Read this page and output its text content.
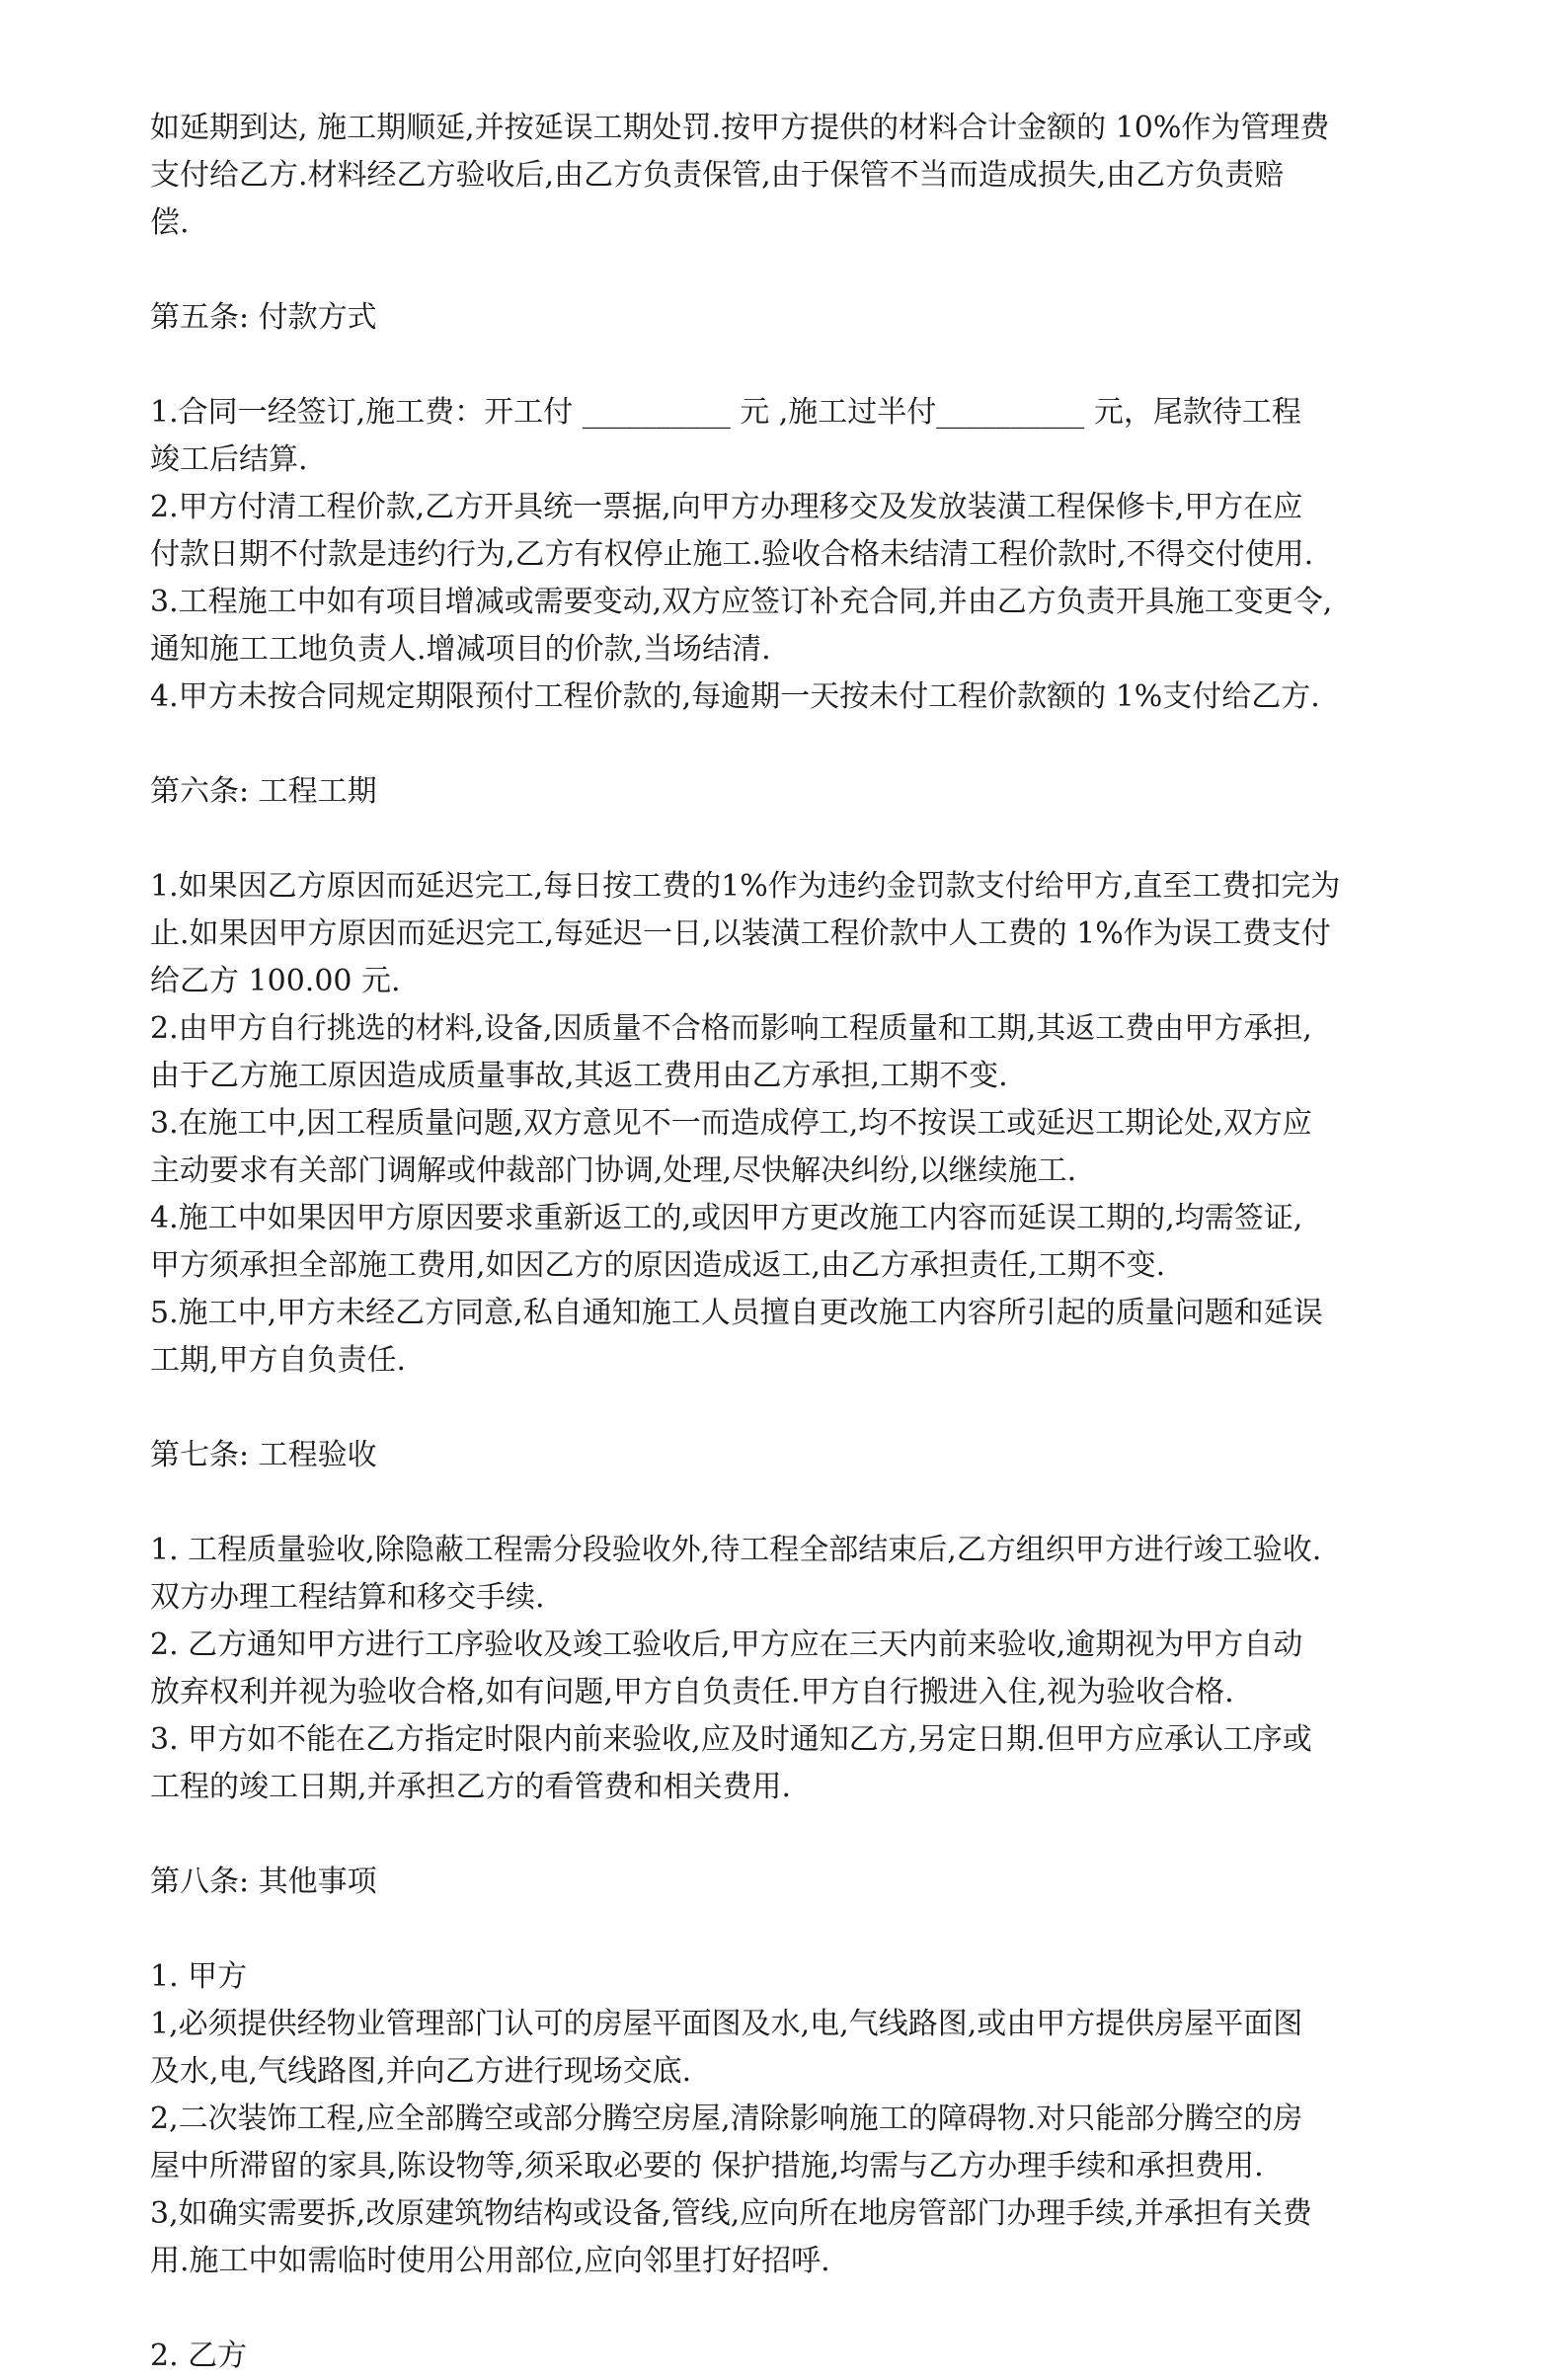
如延期到达, 施工期顺延,并按延误工期处罚.按甲方提供的材料合计金额的 10%作为管理费

支付给乙方.材料经乙方验收后,由乙方负责保管,由于保管不当而造成损失,由乙方负责赔

偿.

第五条: 付款方式

1.合同一经签订,施工费：开工付 __________ 元 ,施工过半付__________ 元，尾款待工程

竣工后结算.

2.甲方付清工程价款,乙方开具统一票据,向甲方办理移交及发放装潢工程保修卡,甲方在应

付款日期不付款是违约行为,乙方有权停止施工.验收合格未结清工程价款时,不得交付使用.

3.工程施工中如有项目增减或需要变动,双方应签订补充合同,并由乙方负责开具施工变更令,

通知施工工地负责人.增减项目的价款,当场结清.

4.甲方未按合同规定期限预付工程价款的,每逾期一天按未付工程价款额的 1%支付给乙方.

第六条: 工程工期

1.如果因乙方原因而延迟完工,每日按工费的1%作为违约金罚款支付给甲方,直至工费扣完为

止.如果因甲方原因而延迟完工,每延迟一日,以装潢工程价款中人工费的 1%作为误工费支付

给乙方 100.00 元.

2.由甲方自行挑选的材料,设备,因质量不合格而影响工程质量和工期,其返工费由甲方承担,

由于乙方施工原因造成质量事故,其返工费用由乙方承担,工期不变.

3.在施工中,因工程质量问题,双方意见不一而造成停工,均不按误工或延迟工期论处,双方应

主动要求有关部门调解或仲裁部门协调,处理,尽快解决纠纷,以继续施工.

4.施工中如果因甲方原因要求重新返工的,或因甲方更改施工内容而延误工期的,均需签证,

甲方须承担全部施工费用,如因乙方的原因造成返工,由乙方承担责任,工期不变.

5.施工中,甲方未经乙方同意,私自通知施工人员擅自更改施工内容所引起的质量问题和延误

工期,甲方自负责任.

第七条: 工程验收

1. 工程质量验收,除隐蔽工程需分段验收外,待工程全部结束后,乙方组织甲方进行竣工验收.

双方办理工程结算和移交手续.

2. 乙方通知甲方进行工序验收及竣工验收后,甲方应在三天内前来验收,逾期视为甲方自动

放弃权利并视为验收合格,如有问题,甲方自负责任.甲方自行搬进入住,视为验收合格.

3. 甲方如不能在乙方指定时限内前来验收,应及时通知乙方,另定日期.但甲方应承认工序或

工程的竣工日期,并承担乙方的看管费和相关费用.

第八条: 其他事项

1. 甲方

1,必须提供经物业管理部门认可的房屋平面图及水,电,气线路图,或由甲方提供房屋平面图

及水,电,气线路图,并向乙方进行现场交底.

2,二次装饰工程,应全部腾空或部分腾空房屋,清除影响施工的障碍物.对只能部分腾空的房

屋中所滞留的家具,陈设物等,须采取必要的 保护措施,均需与乙方办理手续和承担费用.

3,如确实需要拆,改原建筑物结构或设备,管线,应向所在地房管部门办理手续,并承担有关费

用.施工中如需临时使用公用部位,应向邻里打好招呼.

2. 乙方
